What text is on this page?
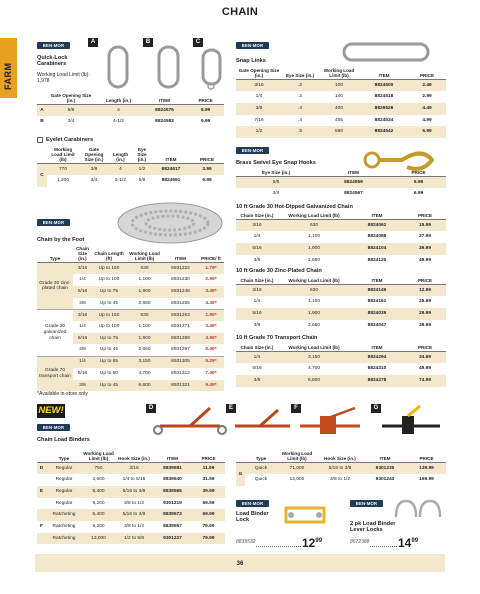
FARM
CHAIN
BEN-MOR
Quick-Lock Carabiners
Working Load Limit (lb): 1,978
A	B	C
	Gate Opening Size (in.)	Length (in.)	ITEM	PRICE
A	5/8	4	8824575	8.99
B	3/4	4-1/2	8824583	9.99
Eyelet Carabiners
	Working Load Limit (lb)	Gate Opening Size (in.)	Length (in.)	Eye Size (in.)	ITEM	PRICE
C	770	3/8	4	1/2	8824617	3.99
	1,200	3/4	5-1/2	5/8	8824591	6.99
BEN-MOR
Chain by the Foot
Type	Chain Size (in.)	Chain Length (ft)	Working Load Limit (lb)	ITEM	PRICE/ ft
Grade 30 zinc-plated chain	3/16	Up to 150	630	8931222	1.79*
	1/4	Up to 100	1,100	8931230	2.99*
	5/16	Up to 75	1,900	8931248	3.49*
	3/8	Up to 45	2,650	8931255	4.49*
Grade 30 galvanized chain	3/16	Up to 150	630	8931263	1.99*
	1/4	Up to 100	1,100	8931271	3.49*
	5/16	Up to 75	1,900	8931289	3.99*
	3/8	Up to 45	2,650	8931297	5.49*
Grade 70 transport chain	1/4	Up to 65	3,150	8931305	5.29*
	5/16	Up to 50	4,700	8931313	7.49*
	3/8	Up to 45	6,600	8931321	9.49*
*Available in-store only
BEN-MOR
Snap Links
Gate Opening Size (in.)	Eye Size (in.)	Working Load Limit (lb)	ITEM	PRICE
3/16	.2	100	8824500	2.49
1/4	.2	140	8824518	2.99
3/8	.4	400	8826526	4.49
7/16	.4	485	8824534	4.99
1/2	.5	560	8824542	5.99
BEN-MOR
Brass Swivel Eye Snap Hooks
Eye Size (in.)	ITEM	PRICE
5/8	8824559	5.99
3/4	8824567	6.99
10 ft Grade 30 Hot-Dipped Galvanized Chain
Chain Size (in.)	Working Load Limit (lb)	ITEM	PRICE
3/16	630	8824062	15.99
1/4	1,100	8824088	27.99
5/16	1,900	8824104	39.99
3/8	2,650	8824120	49.99
10 ft Grade 30 Zinc-Plated Chain
Chain Size (in.)	Working Load Limit (lb)	ITEM	PRICE
3/16	630	8824146	12.99
1/4	1,100	8824161	25.99
5/16	1,900	8824039	29.99
3/8	2,650	8824047	39.99
10 ft Grade 70 Transport Chain
Chain Size (in.)	Working Load Limit (lb)	ITEM	PRICE
1/4	3,150	8824294	34.99
5/16	4,700	8824310	49.99
3/8	6,600	8824278	74.99
NEW!
BEN-MOR
Chain Load Binders
D	E	F	G
	Type	Working Load Limit (lb)	Hook Size (in.)	ITEM	PRICE
D	Regular	750	3/16	8839581	11.99
	Regular	2,600	1/4 to 5/16	8839540	31.99
E	Regular	5,400	5/16 to 3/8	8839565	39.99
	Regular	9,200	3/8 to 1/2	9301219	59.99
	Ratcheting	5,400	5/16 to 3/8	8839573	69.99
F	Ratcheting	9,200	3/8 to 1/2	8839557	79.99
	Ratcheting	13,000	1/2 to 5/8	9301227	79.99
	Type	Working Load Limit (lb)	Hook Size (in.)	ITEM	PRICE
G	Quick	71,000	5/16 to 3/8	9301235	139.99
	Quick	12,000	3/8 to 1/2	9301243	169.99
BEN-MOR
Load Binder Lock
8839532	$12^{99}$
BEN-MOR
2 pk Load Binder Lever Locks
8672388 $14^{99}$
36
